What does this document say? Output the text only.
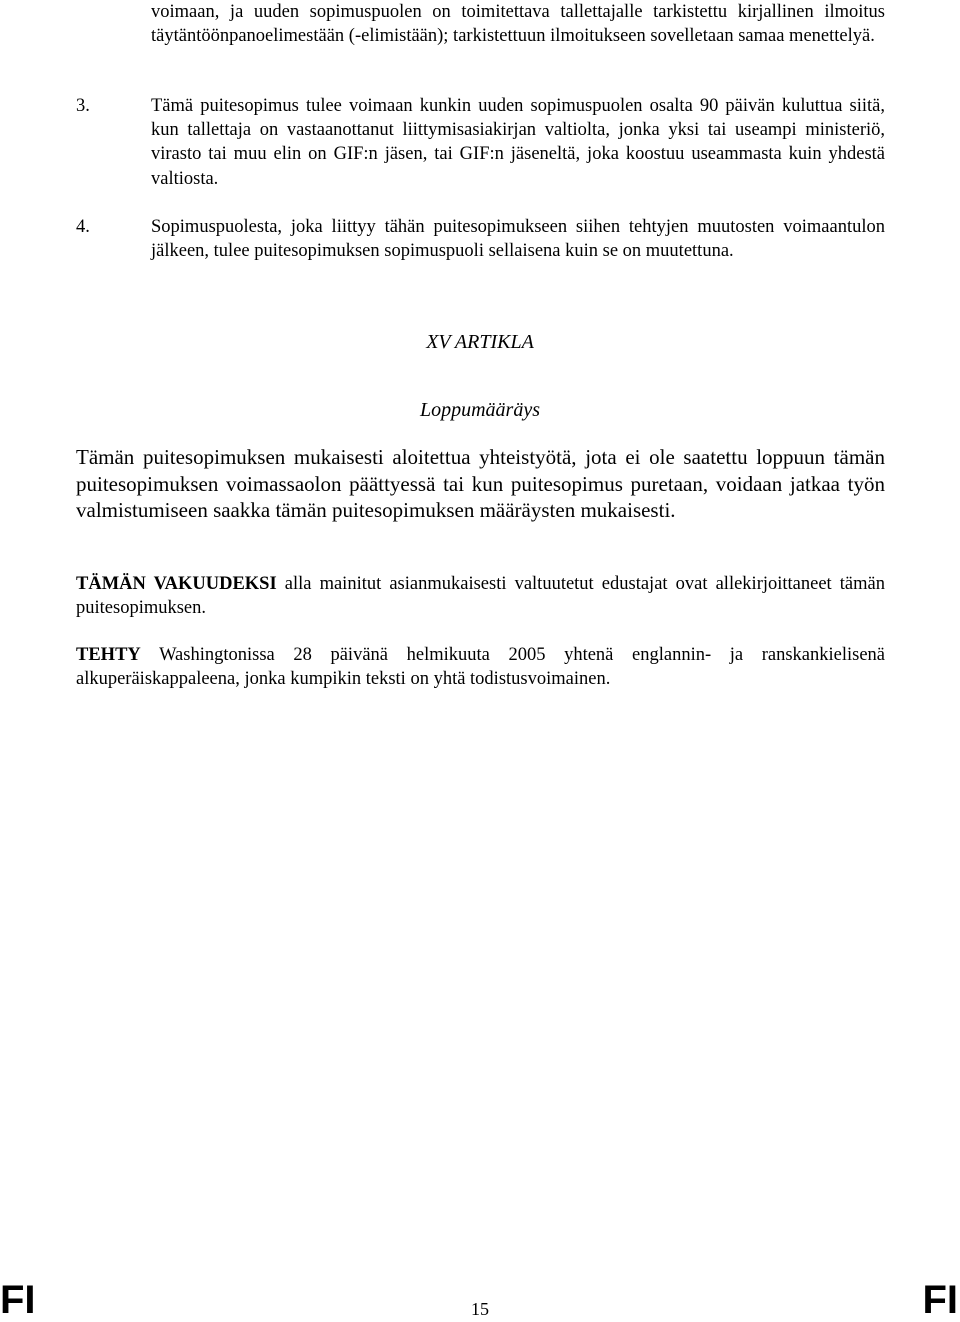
voimaan, ja uuden sopimuspuolen on toimitettava tallettajalle tarkistettu kirjallinen ilmoitus täytäntöönpanoelimestään (-elimistään); tarkistettuun ilmoitukseen sovelletaan samaa menettelyä.

3.	Tämä puitesopimus tulee voimaan kunkin uuden sopimuspuolen osalta 90 päivän kuluttua siitä, kun tallettaja on vastaanottanut liittymisasiakirjan valtiolta, jonka yksi tai useampi ministeriö, virasto tai muu elin on GIF:n jäsen, tai GIF:n jäseneltä, joka koostuu useammasta kuin yhdestä valtiosta.

4.	Sopimuspuolesta, joka liittyy tähän puitesopimukseen siihen tehtyjen muutosten voimaantulon jälkeen, tulee puitesopimuksen sopimuspuoli sellaisena kuin se on muutettuna.

XV ARTIKLA
Loppumääräys

Tämän puitesopimuksen mukaisesti aloitettua yhteistyötä, jota ei ole saatettu loppuun tämän puitesopimuksen voimassaolon päättyessä tai kun puitesopimus puretaan, voidaan jatkaa työn valmistumiseen saakka tämän puitesopimuksen määräysten mukaisesti.

TÄMÄN VAKUUDEKSI alla mainitut asianmukaisesti valtuutetut edustajat ovat allekirjoittaneet tämän puitesopimuksen.

TEHTY Washingtonissa 28 päivänä helmikuuta 2005 yhtenä englannin- ja ranskankielisenä alkuperäiskappaleena, jonka kumpikin teksti on yhtä todistusvoimainen.

FI	15	FI
